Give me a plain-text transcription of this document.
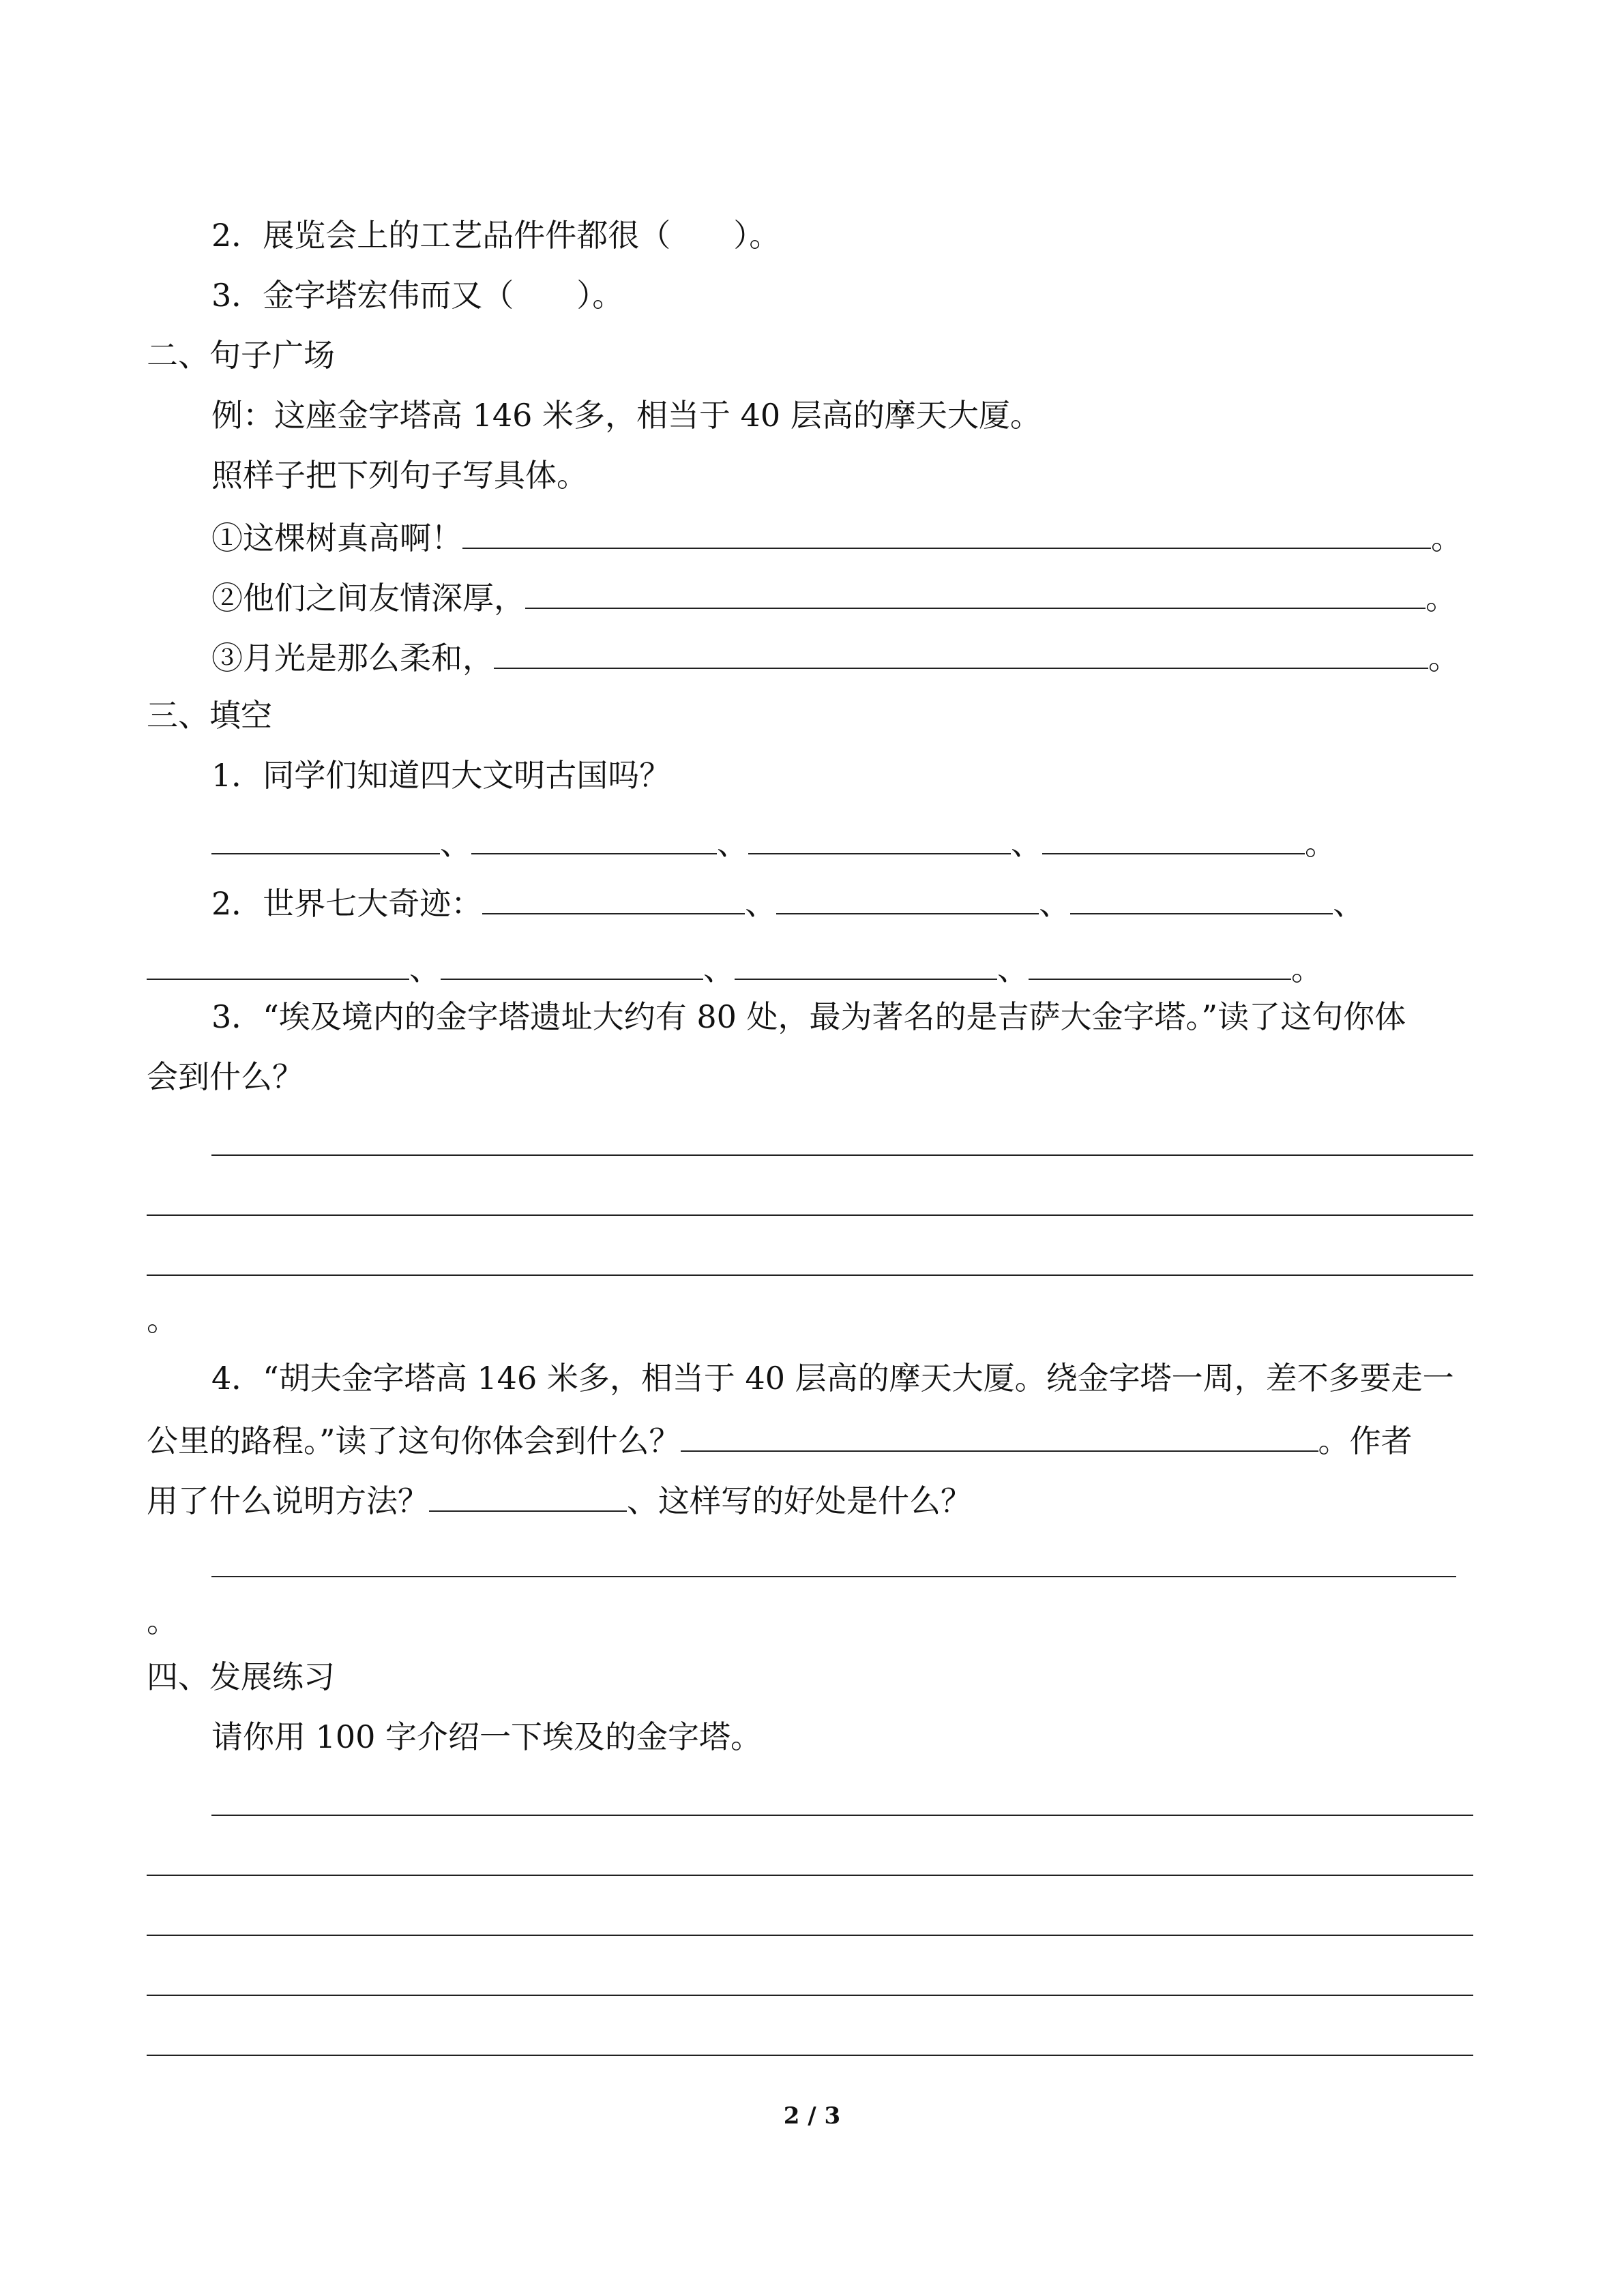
2．展览会上的工艺品件件都很（　　）。
3．金字塔宏伟而又（　　）。
二、句子广场
例：这座金字塔高 146 米多，相当于 40 层高的摩天大厦。
照样子把下列句子写具体。
①这棵树真高啊！	。
②他们之间友情深厚，	。
③月光是那么柔和，	。
三、填空
1．同学们知道四大文明古国吗？
、	、	、	。
2．世界七大奇迹：	、	、	、
、	、	、	。
3．“埃及境内的金字塔遗址大约有 80 处，最为著名的是吉萨大金字塔。”读了这句你体
会到什么？
。
4．“胡夫金字塔高 146 米多，相当于 40 层高的摩天大厦。绕金字塔一周，差不多要走一
公里的路程。”读了这句你体会到什么？	。作者
用了什么说明方法？	、这样写的好处是什么？
。
四、发展练习
请你用 100 字介绍一下埃及的金字塔。
2 / 3
